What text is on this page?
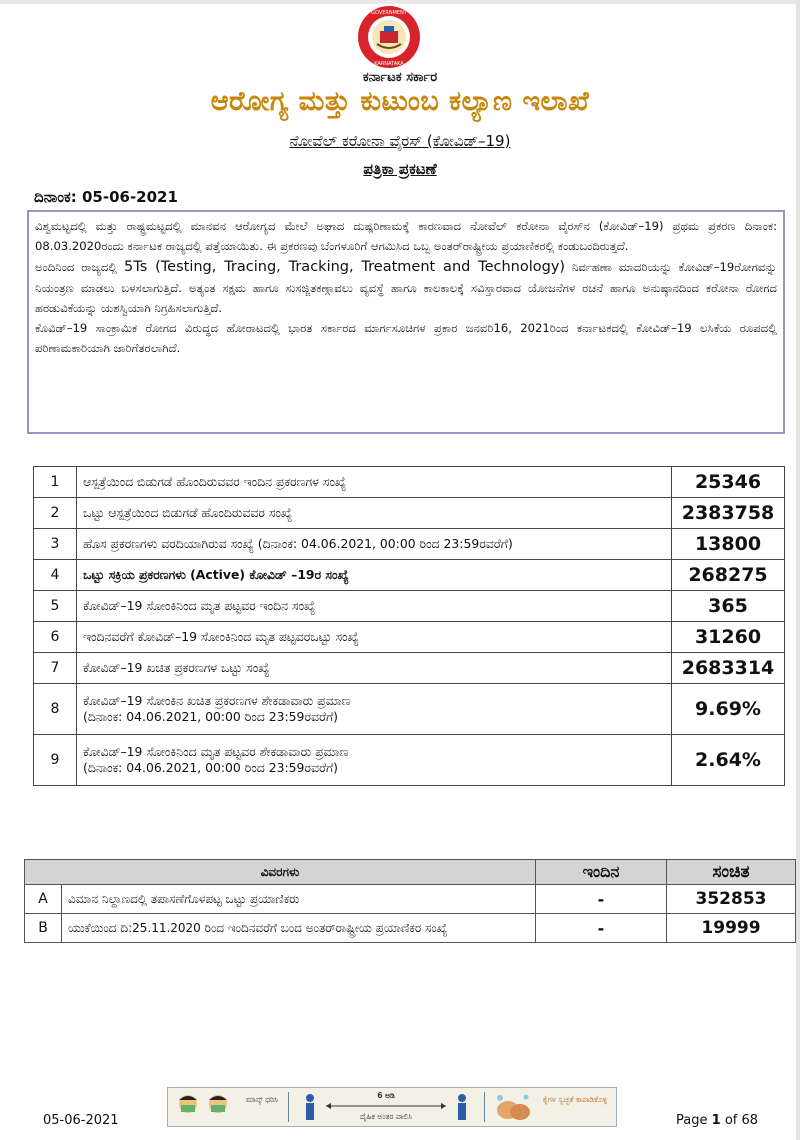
GOVERNMENT
KARNATAKA
ಕರ್ನಾಟಕ ಸರ್ಕಾರ
ಆರೋಗ್ಯ ಮತ್ತು ಕುಟುಂಬ ಕಲ್ಯಾಣ ಇಲಾಖೆ
ನೋವೆಲ್ ಕರೋನಾ ವೈರಸ್ (ಕೋವಿಡ್–19)
ಪತ್ರಿಕಾ ಪ್ರಕಟಣೆ
ದಿನಾಂಕ: 05-06-2021

ವಿಶ್ವಮಟ್ಟದಲ್ಲಿ ಮತ್ತು ರಾಷ್ಟ್ರಮಟ್ಟದಲ್ಲಿ ಮಾನವನ ಆರೋಗ್ಯದ ಮೇಲೆ ಅಘಾದ ದುಷ್ಪರಿಣಾಮಕ್ಕೆ ಕಾರಣವಾದ ನೋವೆಲ್ ಕರೋನಾ ವೈರಸ್‌ನ (ಕೋವಿಡ್–19) ಪ್ರಥಮ ಪ್ರಕರಣ ದಿನಾಂಕ: 08.03.2020ರಂದು ಕರ್ನಾಟಕ ರಾಜ್ಯದಲ್ಲಿ ಪತ್ತೆಯಾಯಿತು. ಈ ಪ್ರಕರಣವು ಬೆಂಗಳೂರಿಗೆ ಆಗಮಿಸಿದ ಒಬ್ಬ ಅಂತರ್‌ರಾಷ್ಟ್ರೀಯ ಪ್ರಯಾಣಿಕರಲ್ಲಿ ಕಂಡುಬಂದಿರುತ್ತದೆ.

ಅಂದಿನಿಂದ ರಾಜ್ಯದಲ್ಲಿ 5Ts (Testing, Tracing, Tracking, Treatment and Technology) ನಿರ್ವಹಣಾ ಮಾದರಿಯನ್ನು ಕೋವಿಡ್–19ರೋಗವನ್ನು ನಿಯಂತ್ರಣ ಮಾಡಲು ಬಳಸಲಾಗುತ್ತಿದೆ. ಅತ್ಯಂತ ಸಕ್ಷಮ ಹಾಗೂ ಸುಸಜ್ಜಿತಕಣ್ಗಾವಲು ವ್ಯವಸ್ಥೆ ಹಾಗೂ ಕಾಲಕಾಲಕ್ಕೆ ಸವಿಸ್ತಾರವಾದ ಯೋಜನೆಗಳ ರಚನೆ ಹಾಗೂ ಅನುಷ್ಠಾನದಿಂದ ಕರೋನಾ ರೋಗದ ಹರಡುವಿಕೆಯನ್ನು ಯಶಸ್ವಿಯಾಗಿ ನಿಗ್ರಹಿಸಲಾಗುತ್ತಿದೆ.

ಕೊವಿಡ್–19 ಸಾಂಕ್ರಾಮಿಕ ರೋಗದ ವಿರುದ್ಧದ ಹೋರಾಟದಲ್ಲಿ ಭಾರತ ಸರ್ಕಾರದ ಮಾರ್ಗಸೂಚಿಗಳ ಪ್ರಕಾರ ಜನವರಿ16, 2021ರಿಂದ ಕರ್ನಾಟಕದಲ್ಲಿ ಕೋವಿಡ್–19 ಲಸಿಕೆಯ ರೂಪದಲ್ಲಿ ಪರಿಣಾಮಕಾರಿಯಾಗಿ ಜಾರಿಗೆತರಲಾಗಿದೆ.

1	ಆಸ್ಪತ್ರೆಯಿಂದ ಬಿಡುಗಡೆ ಹೊಂದಿರುವವರ ಇಂದಿನ ಪ್ರಕರಣಗಳ ಸಂಖ್ಯೆ	25346
2	ಒಟ್ಟು ಆಸ್ಪತ್ರೆಯಿಂದ ಬಿಡುಗಡೆ ಹೊಂದಿರುವವರ ಸಂಖ್ಯೆ	2383758
3	ಹೊಸ ಪ್ರಕರಣಗಳು ವರದಿಯಾಗಿರುವ ಸಂಖ್ಯೆ (ದಿನಾಂಕ: 04.06.2021, 00:00 ರಿಂದ 23:59ರವರೆಗೆ)	13800
4	ಒಟ್ಟು ಸಕ್ರಿಯ ಪ್ರಕರಣಗಳು (Active) ಕೋವಿಡ್ –19ರ ಸಂಖ್ಯೆ	268275
5	ಕೋವಿಡ್–19 ಸೋಂಕಿನಿಂದ ಮೃತ ಪಟ್ಟವರ ಇಂದಿನ ಸಂಖ್ಯೆ	365
6	ಇಂದಿನವರೆಗೆ ಕೋವಿಡ್–19 ಸೋಂಕಿನಿಂದ ಮೃತ ಪಟ್ಟವರಒಟ್ಟು ಸಂಖ್ಯೆ	31260
7	ಕೋವಿಡ್–19 ಖಚಿತ ಪ್ರಕರಣಗಳ ಒಟ್ಟು ಸಂಖ್ಯೆ	2683314
8	ಕೋವಿಡ್–19 ಸೋಂಕಿನ ಖಚಿತ ಪ್ರಕರಣಗಳ ಶೇಕಡಾವಾರು ಪ್ರಮಾಣ
(ದಿನಾಂಕ: 04.06.2021, 00:00 ರಿಂದ 23:59ರವರೆಗೆ)	9.69%
9	ಕೋವಿಡ್–19 ಸೋಂಕಿನಿಂದ ಮೃತ ಪಟ್ಟವರ ಶೇಕಡಾವಾರು ಪ್ರಮಾಣ
(ದಿನಾಂಕ: 04.06.2021, 00:00 ರಿಂದ 23:59ರವರೆಗೆ)	2.64%
ವಿವರಗಳು		ಇಂದಿನ	ಸಂಚಿತ
A	ವಿಮಾನ ನಿಲ್ದಾಣದಲ್ಲಿ ತಪಾಸಣೆಗೊಳಪಟ್ಟ ಒಟ್ಟು ಪ್ರಯಾಣಿಕರು	-	352853
B	ಯುಕೆಯಿಂದ ದಿ:25.11.2020 ರಿಂದ ಇಂದಿನವರೆಗೆ ಬಂದ ಅಂತರ್‌ರಾಷ್ಟ್ರೀಯ ಪ್ರಯಾಣಿಕರ ಸಂಖ್ಯೆ	-	19999
05-06-2021
ಮಾಸ್ಕ್ ಧರಿಸಿ	6 ಅಡಿ
ದೈಹಿಕ ಅಂತರ ಪಾಲಿಸಿ
ಕೈಗಳ ಸ್ವಚ್ಛತೆ ಕಾಪಾಡಿಕೊಳ್ಳಿ
Page 1 of 68
